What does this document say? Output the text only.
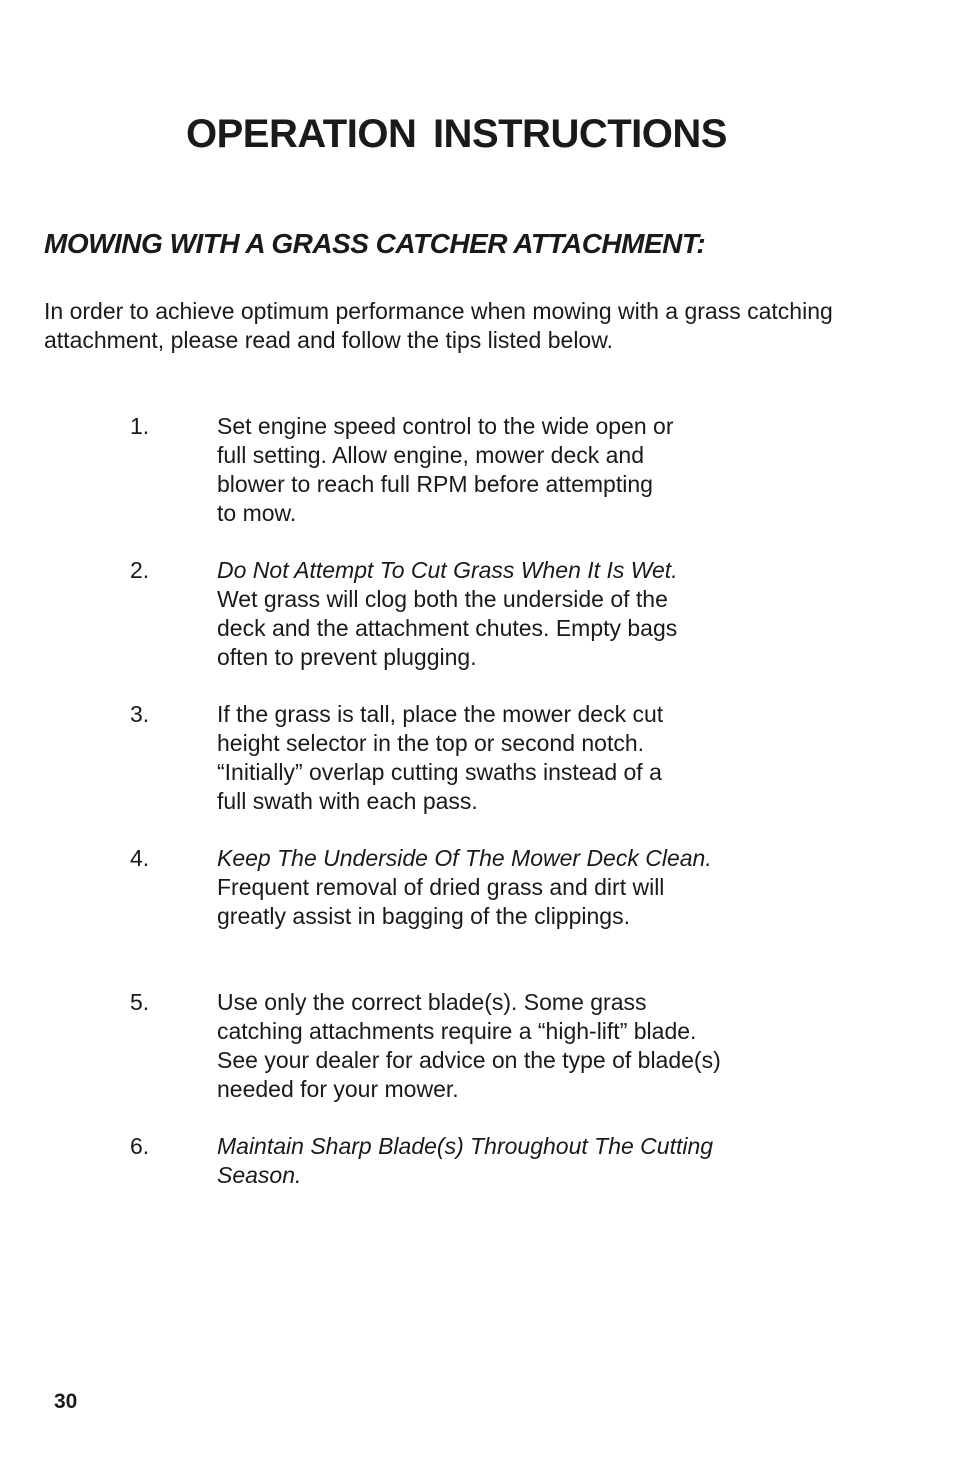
OPERATION INSTRUCTIONS
MOWING WITH A GRASS CATCHER ATTACHMENT:

In order to achieve optimum performance when mowing with a grass catching attachment, please read and follow the tips listed below.

1.	Set engine speed control to the wide open or
full setting. Allow engine, mower deck and
blower to reach full RPM before attempting
to mow.
2.	Do Not Attempt To Cut Grass When It Is Wet.
Wet grass will clog both the underside of the
deck and the attachment chutes. Empty bags
often to prevent plugging.
3.	If the grass is tall, place the mower deck cut
height selector in the top or second notch.
“Initially” overlap cutting swaths instead of a
full swath with each pass.
4.	Keep The Underside Of The Mower Deck Clean.
Frequent removal of dried grass and dirt will
greatly assist in bagging of the clippings.
5.	Use only the correct blade(s). Some grass
catching attachments require a “high-lift” blade.
See your dealer for advice on the type of blade(s)
needed for your mower.
6.	Maintain Sharp Blade(s) Throughout The Cutting
Season.
30
